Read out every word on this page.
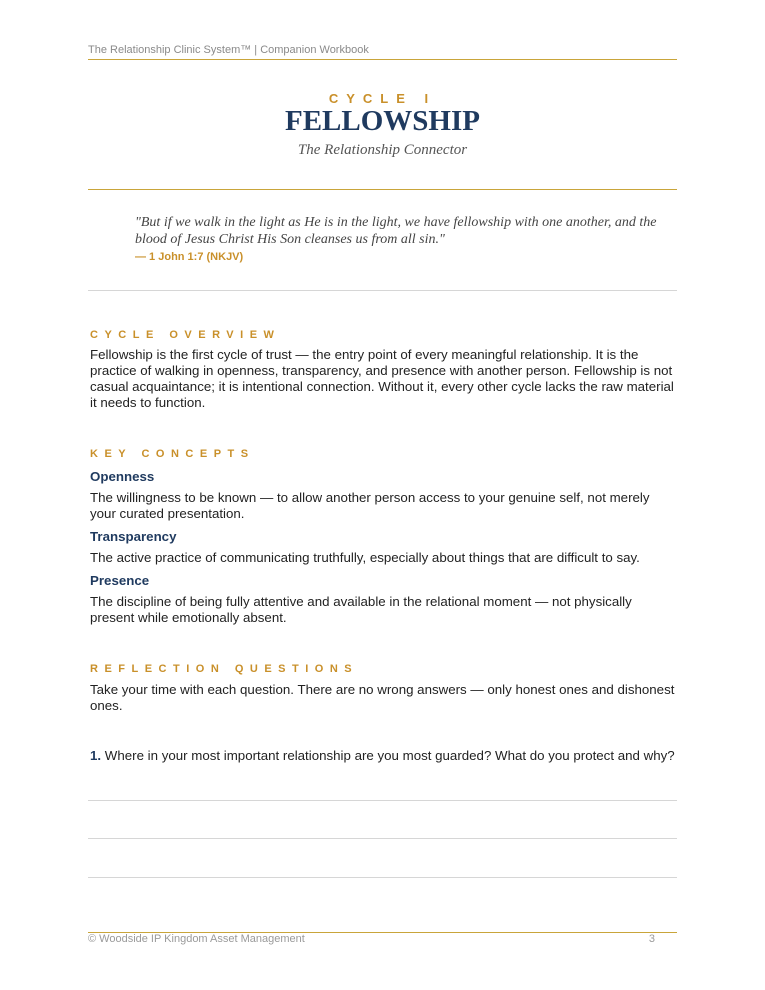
The Relationship Clinic System™ | Companion Workbook
CYCLE I
FELLOWSHIP
The Relationship Connector
"But if we walk in the light as He is in the light, we have fellowship with one another, and the blood of Jesus Christ His Son cleanses us from all sin."
— 1 John 1:7 (NKJV)
CYCLE OVERVIEW
Fellowship is the first cycle of trust — the entry point of every meaningful relationship. It is the practice of walking in openness, transparency, and presence with another person. Fellowship is not casual acquaintance; it is intentional connection. Without it, every other cycle lacks the raw material it needs to function.
KEY CONCEPTS
Openness
The willingness to be known — to allow another person access to your genuine self, not merely your curated presentation.
Transparency
The active practice of communicating truthfully, especially about things that are difficult to say.
Presence
The discipline of being fully attentive and available in the relational moment — not physically present while emotionally absent.
REFLECTION QUESTIONS
Take your time with each question. There are no wrong answers — only honest ones and dishonest ones.
1. Where in your most important relationship are you most guarded? What do you protect and why?
© Woodside IP Kingdom Asset Management	3
